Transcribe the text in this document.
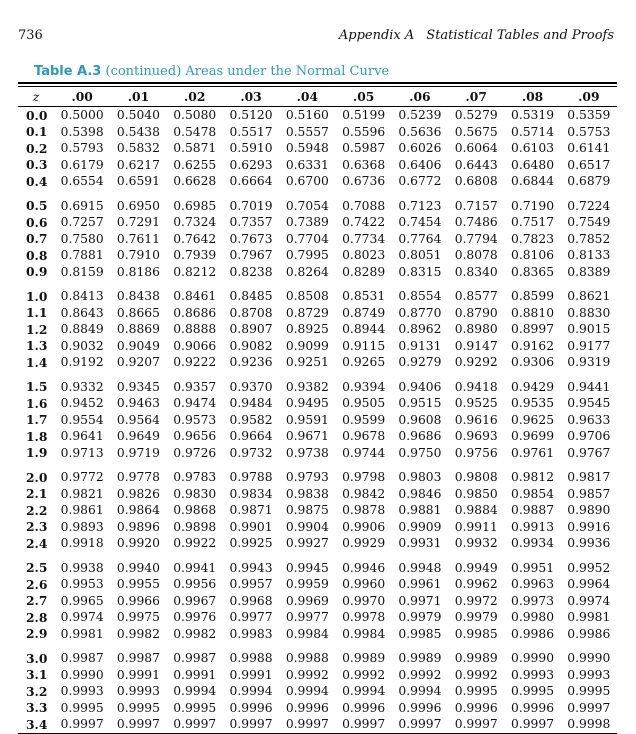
736	Appendix A Statistical Tables and Proofs
Table A.3 (continued) Areas under the Normal Curve
z	.00	.01	.02	.03	.04	.05	.06	.07	.08	.09
0.0	0.5000	0.5040	0.5080	0.5120	0.5160	0.5199	0.5239	0.5279	0.5319	0.5359
0.1	0.5398	0.5438	0.5478	0.5517	0.5557	0.5596	0.5636	0.5675	0.5714	0.5753
0.2	0.5793	0.5832	0.5871	0.5910	0.5948	0.5987	0.6026	0.6064	0.6103	0.6141
0.3	0.6179	0.6217	0.6255	0.6293	0.6331	0.6368	0.6406	0.6443	0.6480	0.6517
0.4	0.6554	0.6591	0.6628	0.6664	0.6700	0.6736	0.6772	0.6808	0.6844	0.6879
0.5	0.6915	0.6950	0.6985	0.7019	0.7054	0.7088	0.7123	0.7157	0.7190	0.7224
0.6	0.7257	0.7291	0.7324	0.7357	0.7389	0.7422	0.7454	0.7486	0.7517	0.7549
0.7	0.7580	0.7611	0.7642	0.7673	0.7704	0.7734	0.7764	0.7794	0.7823	0.7852
0.8	0.7881	0.7910	0.7939	0.7967	0.7995	0.8023	0.8051	0.8078	0.8106	0.8133
0.9	0.8159	0.8186	0.8212	0.8238	0.8264	0.8289	0.8315	0.8340	0.8365	0.8389
1.0	0.8413	0.8438	0.8461	0.8485	0.8508	0.8531	0.8554	0.8577	0.8599	0.8621
1.1	0.8643	0.8665	0.8686	0.8708	0.8729	0.8749	0.8770	0.8790	0.8810	0.8830
1.2	0.8849	0.8869	0.8888	0.8907	0.8925	0.8944	0.8962	0.8980	0.8997	0.9015
1.3	0.9032	0.9049	0.9066	0.9082	0.9099	0.9115	0.9131	0.9147	0.9162	0.9177
1.4	0.9192	0.9207	0.9222	0.9236	0.9251	0.9265	0.9279	0.9292	0.9306	0.9319
1.5	0.9332	0.9345	0.9357	0.9370	0.9382	0.9394	0.9406	0.9418	0.9429	0.9441
1.6	0.9452	0.9463	0.9474	0.9484	0.9495	0.9505	0.9515	0.9525	0.9535	0.9545
1.7	0.9554	0.9564	0.9573	0.9582	0.9591	0.9599	0.9608	0.9616	0.9625	0.9633
1.8	0.9641	0.9649	0.9656	0.9664	0.9671	0.9678	0.9686	0.9693	0.9699	0.9706
1.9	0.9713	0.9719	0.9726	0.9732	0.9738	0.9744	0.9750	0.9756	0.9761	0.9767
2.0	0.9772	0.9778	0.9783	0.9788	0.9793	0.9798	0.9803	0.9808	0.9812	0.9817
2.1	0.9821	0.9826	0.9830	0.9834	0.9838	0.9842	0.9846	0.9850	0.9854	0.9857
2.2	0.9861	0.9864	0.9868	0.9871	0.9875	0.9878	0.9881	0.9884	0.9887	0.9890
2.3	0.9893	0.9896	0.9898	0.9901	0.9904	0.9906	0.9909	0.9911	0.9913	0.9916
2.4	0.9918	0.9920	0.9922	0.9925	0.9927	0.9929	0.9931	0.9932	0.9934	0.9936
2.5	0.9938	0.9940	0.9941	0.9943	0.9945	0.9946	0.9948	0.9949	0.9951	0.9952
2.6	0.9953	0.9955	0.9956	0.9957	0.9959	0.9960	0.9961	0.9962	0.9963	0.9964
2.7	0.9965	0.9966	0.9967	0.9968	0.9969	0.9970	0.9971	0.9972	0.9973	0.9974
2.8	0.9974	0.9975	0.9976	0.9977	0.9977	0.9978	0.9979	0.9979	0.9980	0.9981
2.9	0.9981	0.9982	0.9982	0.9983	0.9984	0.9984	0.9985	0.9985	0.9986	0.9986
3.0	0.9987	0.9987	0.9987	0.9988	0.9988	0.9989	0.9989	0.9989	0.9990	0.9990
3.1	0.9990	0.9991	0.9991	0.9991	0.9992	0.9992	0.9992	0.9992	0.9993	0.9993
3.2	0.9993	0.9993	0.9994	0.9994	0.9994	0.9994	0.9994	0.9995	0.9995	0.9995
3.3	0.9995	0.9995	0.9995	0.9996	0.9996	0.9996	0.9996	0.9996	0.9996	0.9997
3.4	0.9997	0.9997	0.9997	0.9997	0.9997	0.9997	0.9997	0.9997	0.9997	0.9998
